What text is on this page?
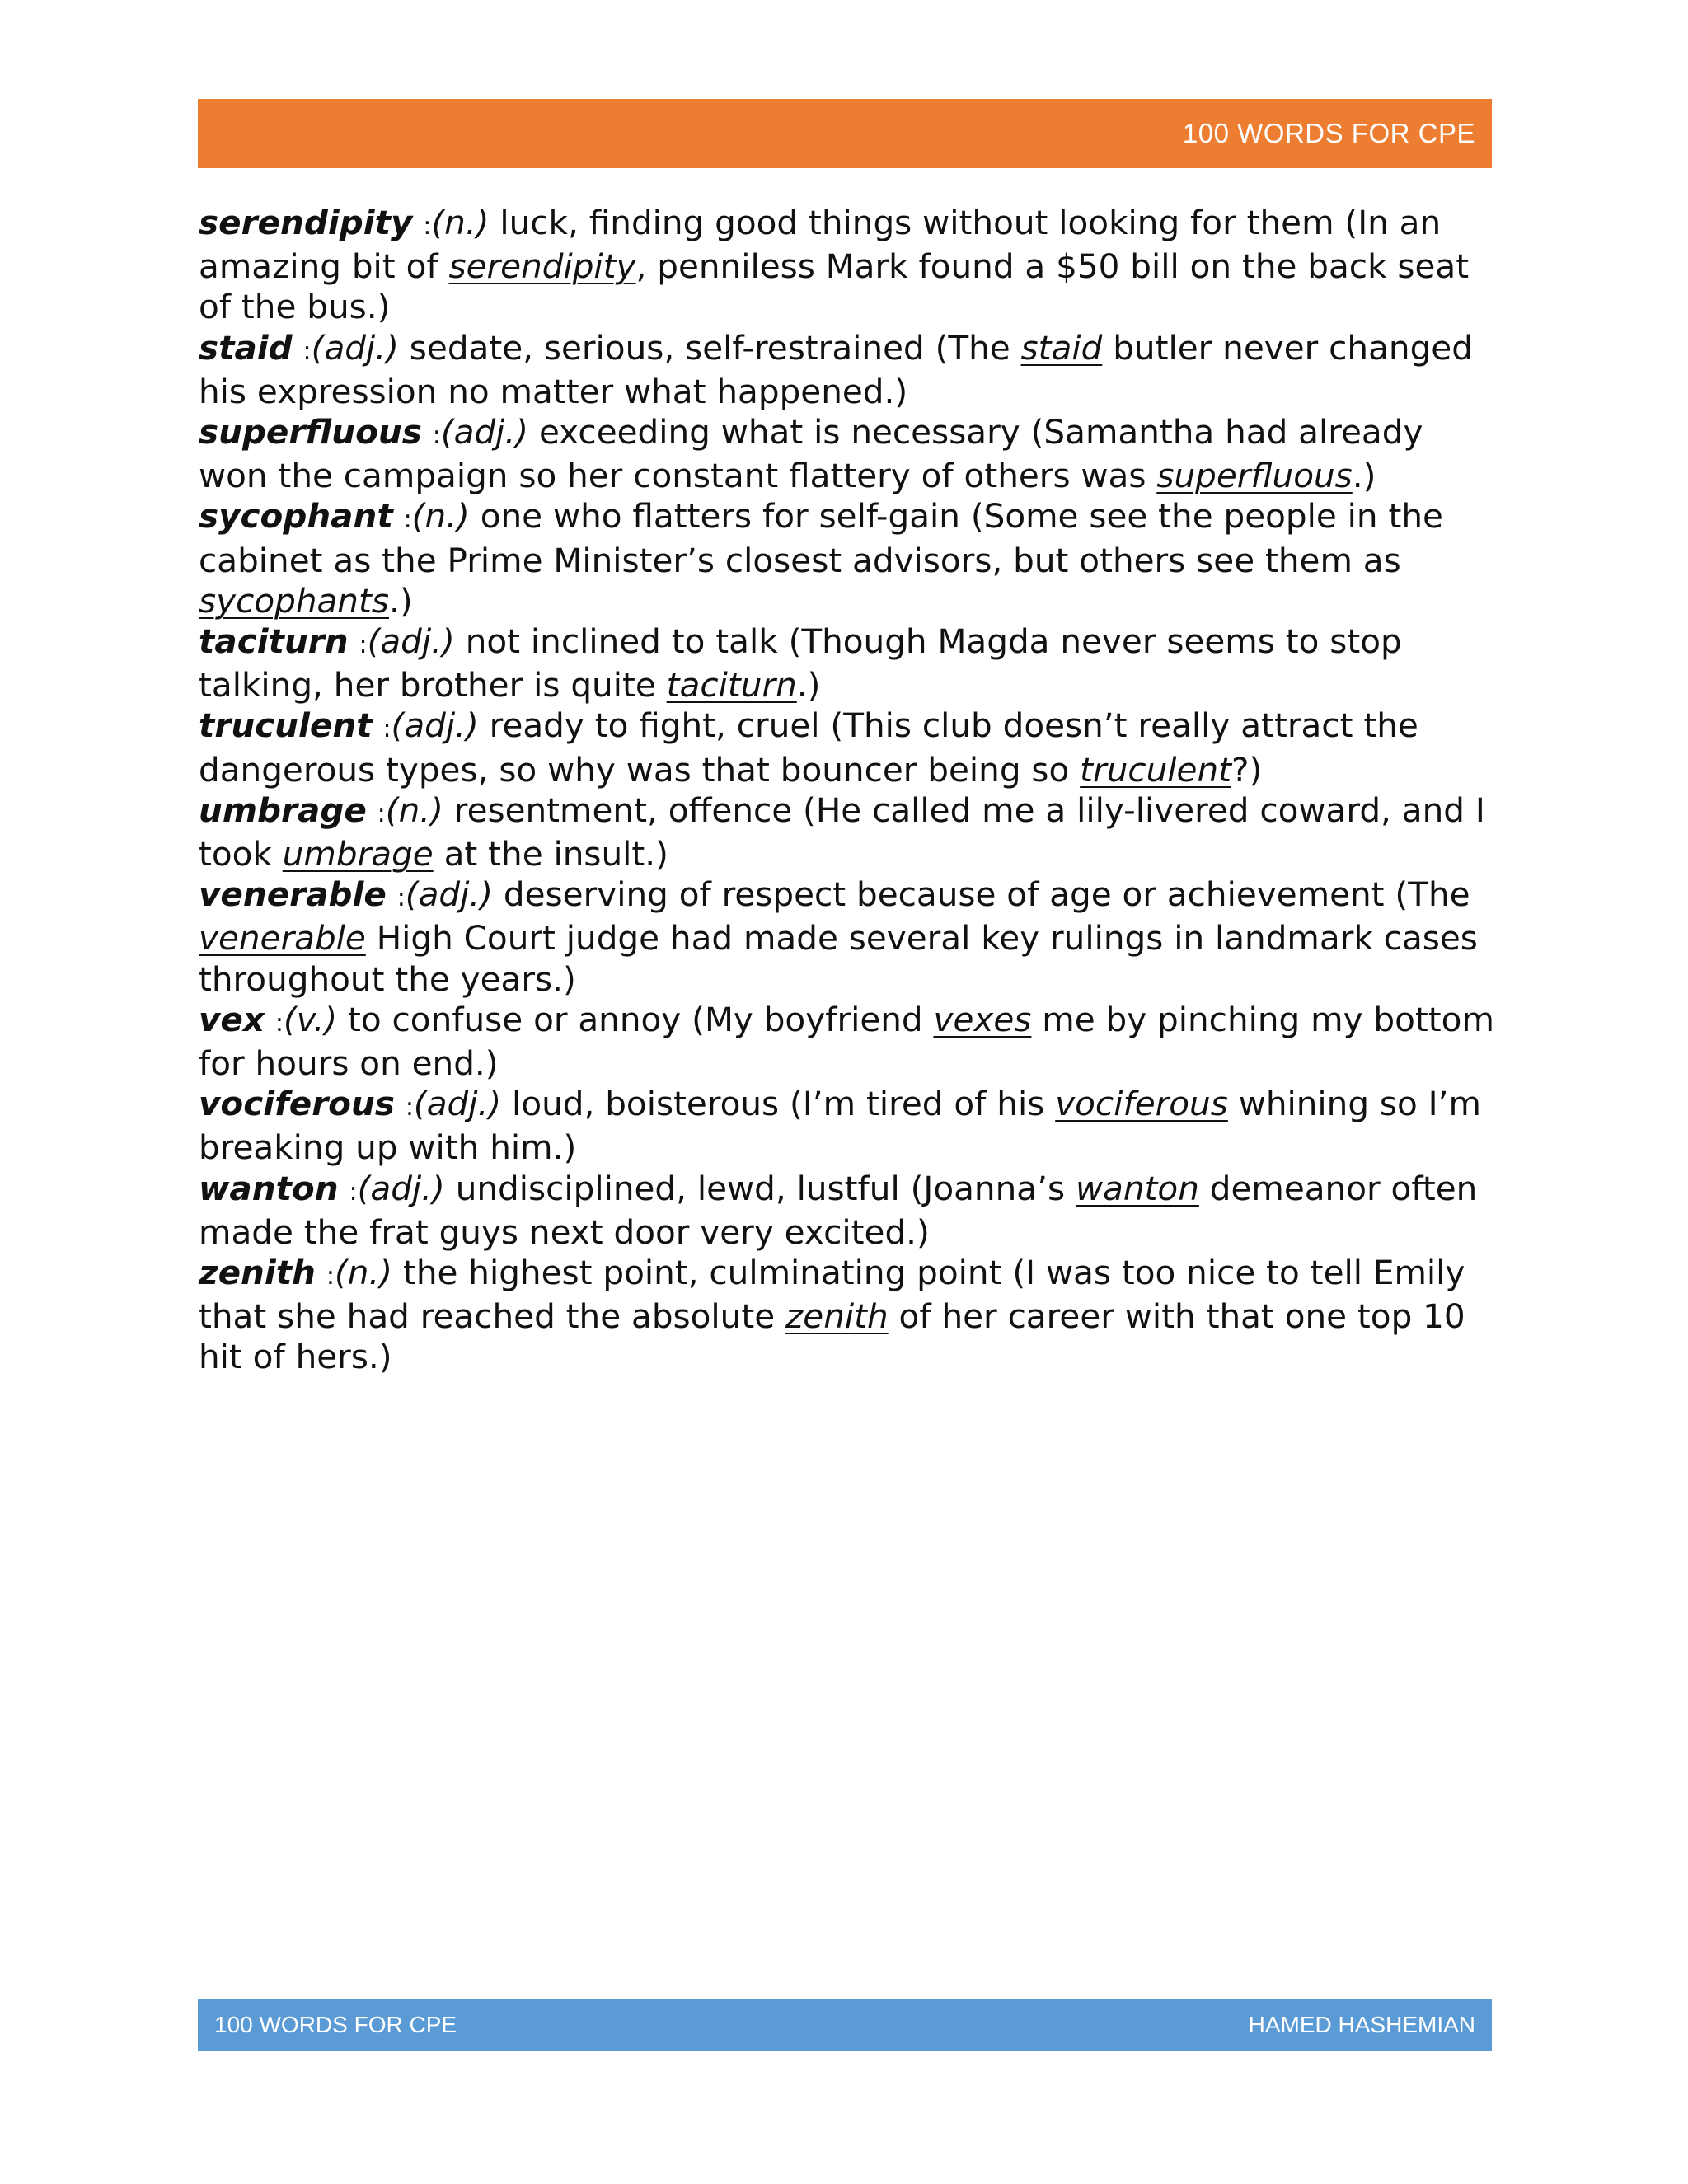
100 WORDS FOR CPE

serendipity :(n.) luck, finding good things without looking for them (In an amazing bit of serendipity, penniless Mark found a $50 bill on the back seat of the bus.)

staid :(adj.) sedate, serious, self-restrained (The staid butler never changed his expression no matter what happened.)

superfluous :(adj.) exceeding what is necessary (Samantha had already won the campaign so her constant flattery of others was superfluous.)

sycophant :(n.) one who flatters for self-gain (Some see the people in the cabinet as the Prime Minister’s closest advisors, but others see them as sycophants.)

taciturn :(adj.) not inclined to talk (Though Magda never seems to stop talking, her brother is quite taciturn.)

truculent :(adj.) ready to fight, cruel (This club doesn’t really attract the dangerous types, so why was that bouncer being so truculent?)

umbrage :(n.) resentment, offence (He called me a lily-livered coward, and I took umbrage at the insult.)

venerable :(adj.) deserving of respect because of age or achievement (The venerable High Court judge had made several key rulings in landmark cases throughout the years.)

vex :(v.) to confuse or annoy (My boyfriend vexes me by pinching my bottom for hours on end.)

vociferous :(adj.) loud, boisterous (I’m tired of his vociferous whining so I’m breaking up with him.)

wanton :(adj.) undisciplined, lewd, lustful (Joanna’s wanton demeanor often made the frat guys next door very excited.)

zenith :(n.) the highest point, culminating point (I was too nice to tell Emily that she had reached the absolute zenith of her career with that one top 10 hit of hers.)

100 WORDS FOR CPE	HAMED HASHEMIAN
